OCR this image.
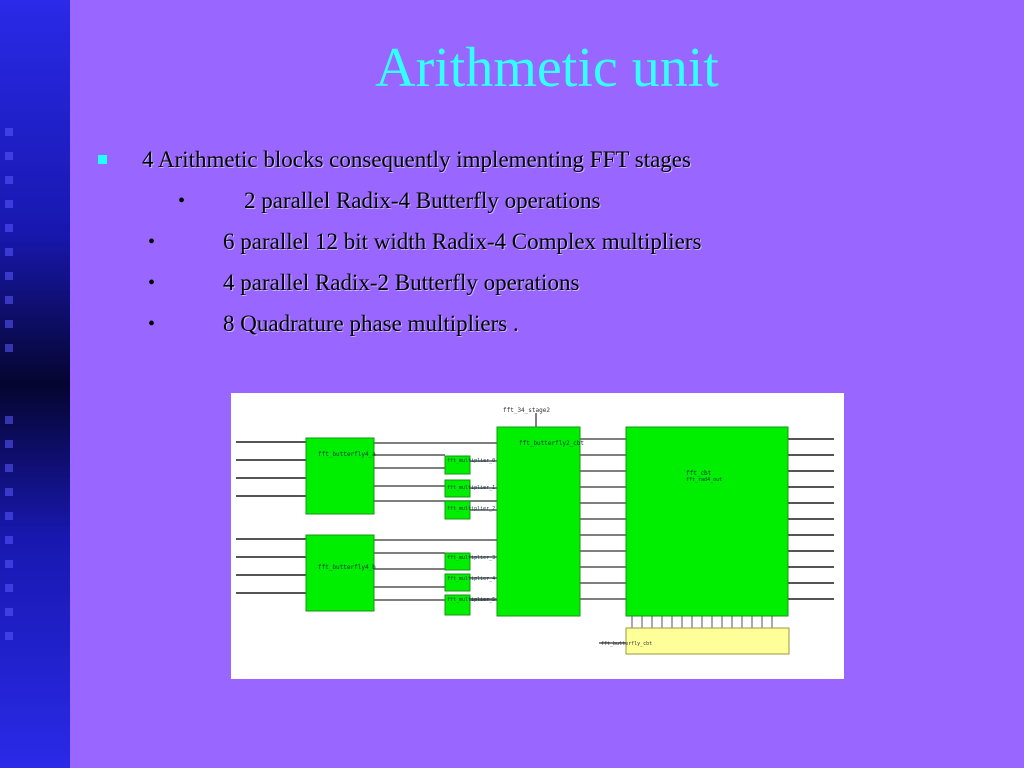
Arithmetic unit
4 Arithmetic blocks consequently implementing FFT stages
•	2 parallel Radix-4 Butterfly operations
•	6 parallel 12 bit width Radix-4 Complex multipliers
•	4 parallel Radix-2 Butterfly operations
•	8 Quadrature phase multipliers .
fft_34_stage2
fft_butterfly4_a
fft_butterfly4_b
fft_multiplier_0
fft_multiplier_1
fft_multiplier_2
fft_multiplier_3
fft_multiplier_4
fft_multiplier_5
fft_butterfly2_cbt
fft_cbt
fft_rad4_out
fft_butterfly_cbt
